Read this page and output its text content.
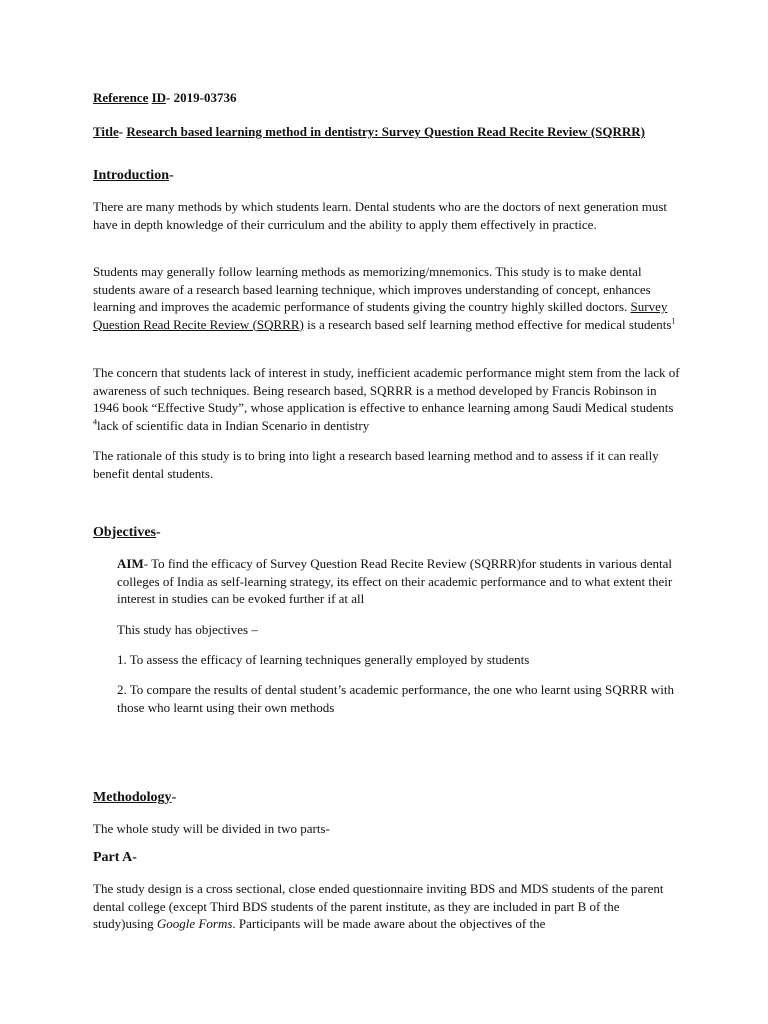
Reference ID- 2019-03736
Title- Research based learning method in dentistry: Survey Question Read Recite Review (SQRRR)
Introduction-
There are many methods by which students learn. Dental students who are the doctors of next generation must have in depth knowledge of their curriculum and the ability to apply them effectively in practice.
Students may generally follow learning methods as memorizing/mnemonics. This study is to make dental students aware of a research based learning technique, which improves understanding of concept, enhances learning and improves the academic performance of students giving the country highly skilled doctors. Survey Question Read Recite Review (SQRRR) is a research based self learning method effective for medical students$^1$
The concern that students lack of interest in study, inefficient academic performance might stem from the lack of awareness of such techniques. Being research based, SQRRR is a method developed by Francis Robinson in 1946 book “Effective Study”, whose application is effective to enhance learning among Saudi Medical students $^4$lack of scientific data in Indian Scenario in dentistry
The rationale of this study is to bring into light a research based learning method and to assess if it can really benefit dental students.
Objectives-
AIM- To find the efficacy of Survey Question Read Recite Review (SQRRR)for students in various dental colleges of India as self-learning strategy, its effect on their academic performance and to what extent their interest in studies can be evoked further if at all
This study has objectives –
1. To assess the efficacy of learning techniques generally employed by students
2. To compare the results of dental student’s academic performance, the one who learnt using SQRRR with those who learnt using their own methods
Methodology-
The whole study will be divided in two parts-
Part A-
The study design is a cross sectional, close ended questionnaire inviting BDS and MDS students of the parent dental college (except Third BDS students of the parent institute, as they are included in part B of the study)using Google Forms. Participants will be made aware about the objectives of the
